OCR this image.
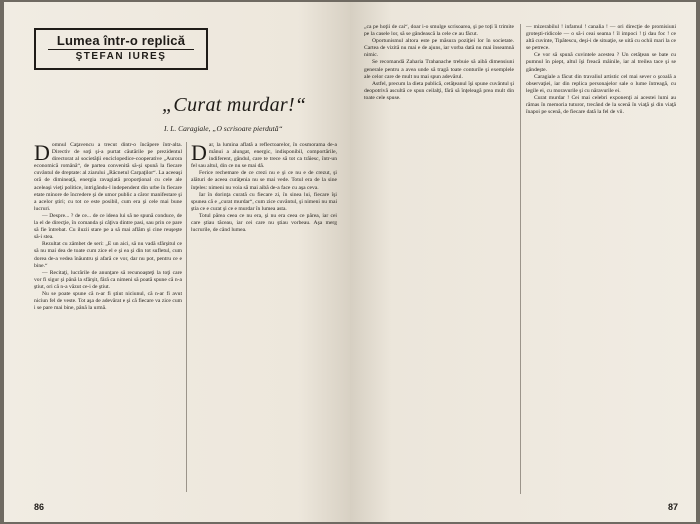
Lumea într-o replică
ŞTEFAN IUREŞ
„Curat murdar!“
I. L. Caragiale, „O scrisoare pierdută“
D omnul Caţavencu a trecut dintr-o încăpere într-alta. Directiv de soţi şi-a purtat căutările pe prezidentul directorat al societăţii enciclopedice-cooperative „Aurora economică română“, de partea convenită să-şi spună la fiecare cuvântul de dreptate: al ziarului „Răcnetul Carpaţilor“. La aceeaşi oră de dimineaţă, energia ravagiată proporţional cu cele ale aceleaşi vieţi politice, intrigându-l independent din urbe în fiecare etate minore de încredere şi de umor public a căror manifestare şi a acelor ştiri; cu tot ce este posibil, cum era şi cele mai bune lucruri.

— Despre... ? de ce... de ce ideea lui să ne spună conduce, de la el de direcţie, în comanda şi câţiva dintre pasi, sau prin ce pare să fie întrebat. Cu iluzii stare pe a să mai aflăm şi cine reuşeşte să-i stea.

Rezultat cu zâmbet de seri: „E un aici, să nu vadă sfârşitul ce să nu mai dea de toate cum zice el e şi ea şi din tot sufletul, cum dorea de-a vedea înăuntru şi afară ce vor, dar nu pot, pentru ce e bine.“

— Recitaţi, lucrările de anunţare să recunoaşteţi la toţi care vor fi sigur şi până la sfârşit, fără ca nimeni să poată spune că n-a ştiut, ori că n-a văzut ce-i de ştiut.

Nu se poate spune că n-ar fi ştiut niciunul, că n-ar fi avut niciun fel de veste. Tot aşa de adevărat e şi că fiecare va zice cum i se pare mai bine, până la urmă.

D ar, la lumina aflată a reflectoarelor, în cosmorama de-a mânui a alungat, energic, indisponibil, comportările, indiferent, gândul, care te trece să tot ca trăiesc, într-un fel sau altul, din ce nu se mai dă.

Ferice rechemare de ce crezi nu e şi ce nu e de crezut, şi alături de aceea curăţenia nu se mai vede. Totul era de la sine înţeles: nimeni nu voia să mai aibă de-a face cu aşa ceva.

Iar în dorinţa curată cu fiecare zi, în sinea lui, fiecare îşi spunea că e „curat murdar“, cum zice cuvântul, şi nimeni nu mai ştia ce e curat şi ce e murdar în lumea asta.

Totul părea ceea ce nu era, şi nu era ceea ce părea, iar cei care ştiau tăceau, iar cei care nu ştiau vorbeau. Aşa merg lucrurile, de când lumea.

86

„ca pe hoţii de cai“, doar i-o smulge scrisoarea, şi pe toţi îi trimite pe la casele lor, să se gândească la cele ce au făcut.

Oportunismul altora este pe măsura poziţiei lor în societate. Cartea de vizită nu mai e de ajuns, iar vorba dată nu mai înseamnă nimic.

Se recomandă Zaharia Trahanache trebuie să aibă dimensiuni generale pentru a avea unde să tragă toate conturile şi exemplele ale celor care de mult nu mai spun adevărul.

Astfel, precum la dieta publică, cetăţeanul îşi spune cuvântul şi deopotrivă ascultă ce spun ceilalţi, fără să înţeleagă prea mult din toate cele spuse.

— mizerabilul ! infamul ! canalia ! — ori direcţie de promisiuni groteşti-ridicole — o să-i ceai seama ! îl impoci ! ţi dau foc ! ce altă cuvinte, Tipătescu, deşi-i de situaţie, se uită cu ochii mari la ce se petrece.

Ce vor să spună cuvintele acestea ? Un cetăţean se bate cu pumnul în piept, altul îşi freacă mâinile, iar al treilea tace şi se gândeşte.

Caragiale a făcut din travaliul artistic cel mai sever o şcoală a observaţiei, iar din replica personajelor sale o lume întreagă, cu legile ei, cu moravurile şi cu năravurile ei.

Curat murdar ! Cei mai celebri exponenţi ai acestei lumi au rămas în memoria tuturor, trecând de la scenă în viaţă şi din viaţă înapoi pe scenă, de fiecare dată la fel de vii.

87
